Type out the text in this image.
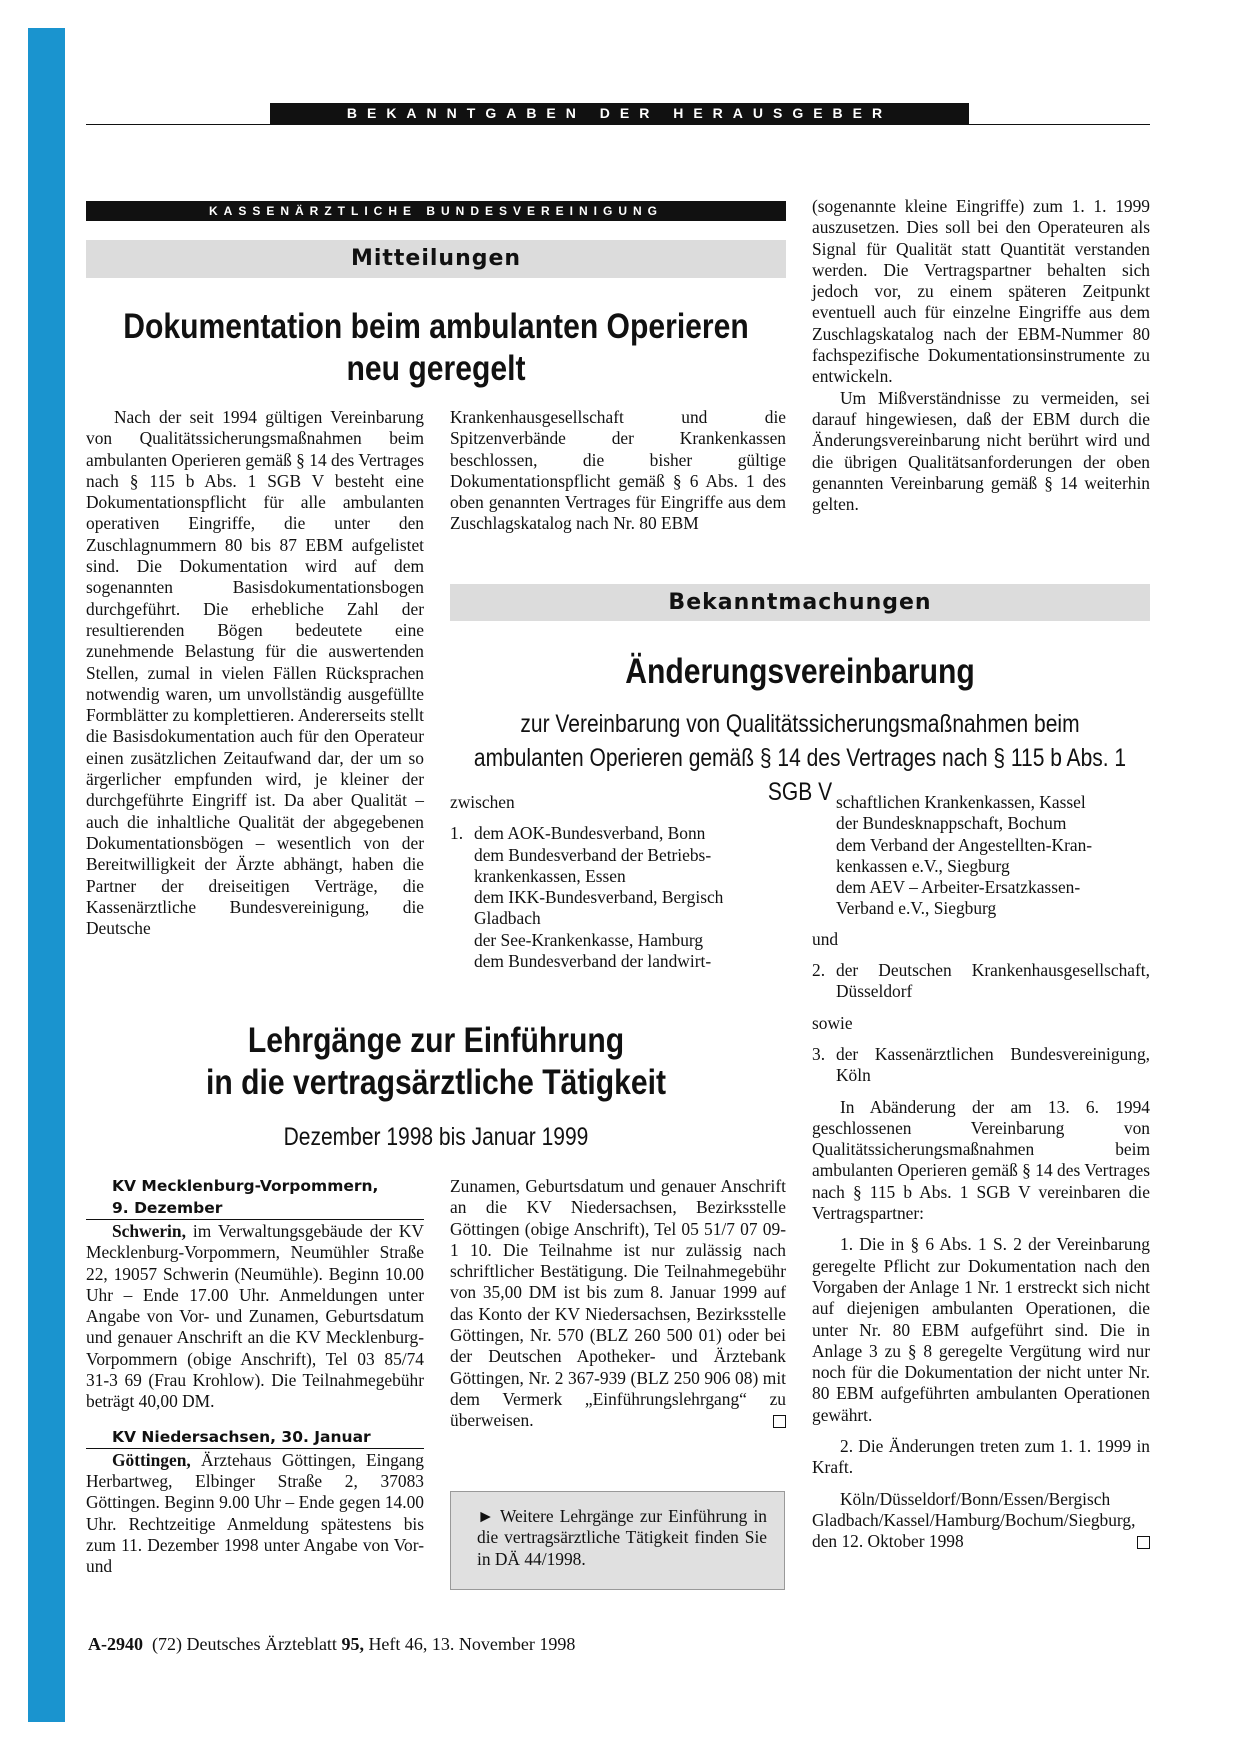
BEKANNTGABEN DER HERAUSGEBER
KASSENÄRZTLICHE BUNDESVEREINIGUNG
Mitteilungen
Dokumentation beim ambulanten Operieren
neu geregelt

Nach der seit 1994 gültigen Vereinbarung von Qualitätssicherungsmaßnahmen beim ambulanten Operieren gemäß § 14 des Vertrages nach § 115 b Abs. 1 SGB V besteht eine Dokumentationspflicht für alle ambulanten operativen Eingriffe, die unter den Zuschlagnummern 80 bis 87 EBM aufgelistet sind. Die Dokumentation wird auf dem sogenannten Basisdokumentationsbogen durchgeführt. Die erhebliche Zahl der resultierenden Bögen bedeutete eine zunehmende Belastung für die auswertenden Stellen, zumal in vielen Fällen Rücksprachen notwendig waren, um unvollständig ausgefüllte Formblätter zu komplettieren. Andererseits stellt die Basisdokumentation auch für den Operateur einen zusätzlichen Zeitaufwand dar, der um so ärgerlicher empfunden wird, je kleiner der durchgeführte Eingriff ist. Da aber Qualität – auch die inhaltliche Qualität der abgegebenen Dokumentationsbögen – wesentlich von der Bereitwilligkeit der Ärzte abhängt, haben die Partner der dreiseitigen Verträge, die Kassenärztliche Bundesvereinigung, die Deutsche

Krankenhausgesellschaft und die Spitzenverbände der Krankenkassen beschlossen, die bisher gültige Dokumentationspflicht gemäß § 6 Abs. 1 des oben genannten Vertrages für Eingriffe aus dem Zuschlagskatalog nach Nr. 80 EBM

(sogenannte kleine Eingriffe) zum 1. 1. 1999 auszusetzen. Dies soll bei den Operateuren als Signal für Qualität statt Quantität verstanden werden. Die Vertragspartner behalten sich jedoch vor, zu einem späteren Zeitpunkt eventuell auch für einzelne Eingriffe aus dem Zuschlagskatalog nach der EBM-Nummer 80 fachspezifische Dokumentationsinstrumente zu entwickeln.

Um Mißverständnisse zu vermeiden, sei darauf hingewiesen, daß der EBM durch die Änderungsvereinbarung nicht berührt wird und die übrigen Qualitätsanforderungen der oben genannten Vereinbarung gemäß § 14 weiterhin gelten.

Lehrgänge zur Einführung
in die vertragsärztliche Tätigkeit
Dezember 1998 bis Januar 1999
KV Mecklenburg-Vorpommern,
9. Dezember

Schwerin, im Verwaltungsgebäude der KV Mecklenburg-Vorpommern, Neumühler Straße 22, 19057 Schwerin (Neumühle). Beginn 10.00 Uhr – Ende 17.00 Uhr. Anmeldungen unter Angabe von Vor- und Zunamen, Geburtsdatum und genauer Anschrift an die KV Mecklenburg-Vorpommern (obige Anschrift), Tel 03 85/74 31-3 69 (Frau Krohlow). Die Teilnahmegebühr beträgt 40,00 DM.

KV Niedersachsen, 30. Januar

Göttingen, Ärztehaus Göttingen, Eingang Herbartweg, Elbinger Straße 2, 37083 Göttingen. Beginn 9.00 Uhr – Ende gegen 14.00 Uhr. Rechtzeitige Anmeldung spätestens bis zum 11. Dezember 1998 unter Angabe von Vor- und

Zunamen, Geburtsdatum und genauer Anschrift an die KV Niedersachsen, Bezirksstelle Göttingen (obige Anschrift), Tel 05 51/7 07 09-1 10. Die Teilnahme ist nur zulässig nach schriftlicher Bestätigung. Die Teilnahmegebühr von 35,00 DM ist bis zum 8. Januar 1999 auf das Konto der KV Niedersachsen, Bezirksstelle Göttingen, Nr. 570 (BLZ 260 500 01) oder bei der Deutschen Apotheker- und Ärztebank Göttingen, Nr. 2 367-939 (BLZ 250 906 08) mit dem Vermerk „Einführungslehrgang“ zu überweisen.

► Weitere Lehrgänge zur Einführung in die vertragsärztliche Tätigkeit finden Sie in DÄ 44/1998.
Bekanntmachungen
Änderungsvereinbarung
zur Vereinbarung von Qualitätssicherungsmaßnahmen beim
ambulanten Operieren gemäß § 14 des Vertrages nach § 115 b Abs. 1 SGB V

zwischen

1. dem AOK-Bundesverband, Bonn
dem Bundesverband der Betriebs-
krankenkassen, Essen
dem IKK-Bundesverband, Bergisch
Gladbach
der See-Krankenkasse, Hamburg
dem Bundesverband der landwirt-
schaftlichen Krankenkassen, Kassel
der Bundesknappschaft, Bochum
dem Verband der Angestellten-Kran-
kenkassen e.V., Siegburg
dem AEV – Arbeiter-Ersatzkassen-
Verband e.V., Siegburg

und

2. der Deutschen Krankenhausgesellschaft, Düsseldorf

sowie

3. der Kassenärztlichen Bundesvereinigung, Köln

In Abänderung der am 13. 6. 1994 geschlossenen Vereinbarung von Qualitätssicherungsmaßnahmen beim ambulanten Operieren gemäß § 14 des Vertrages nach § 115 b Abs. 1 SGB V vereinbaren die Vertragspartner:

1. Die in § 6 Abs. 1 S. 2 der Vereinbarung geregelte Pflicht zur Dokumentation nach den Vorgaben der Anlage 1 Nr. 1 erstreckt sich nicht auf diejenigen ambulanten Operationen, die unter Nr. 80 EBM aufgeführt sind. Die in Anlage 3 zu § 8 geregelte Vergütung wird nur noch für die Dokumentation der nicht unter Nr. 80 EBM aufgeführten ambulanten Operationen gewährt.

2. Die Änderungen treten zum 1. 1. 1999 in Kraft.

Köln/Düsseldorf/Bonn/Essen/Bergisch Gladbach/Kassel/Hamburg/Bochum/Siegburg, den 12. Oktober 1998

A-2940 (72) Deutsches Ärzteblatt 95, Heft 46, 13. November 1998
